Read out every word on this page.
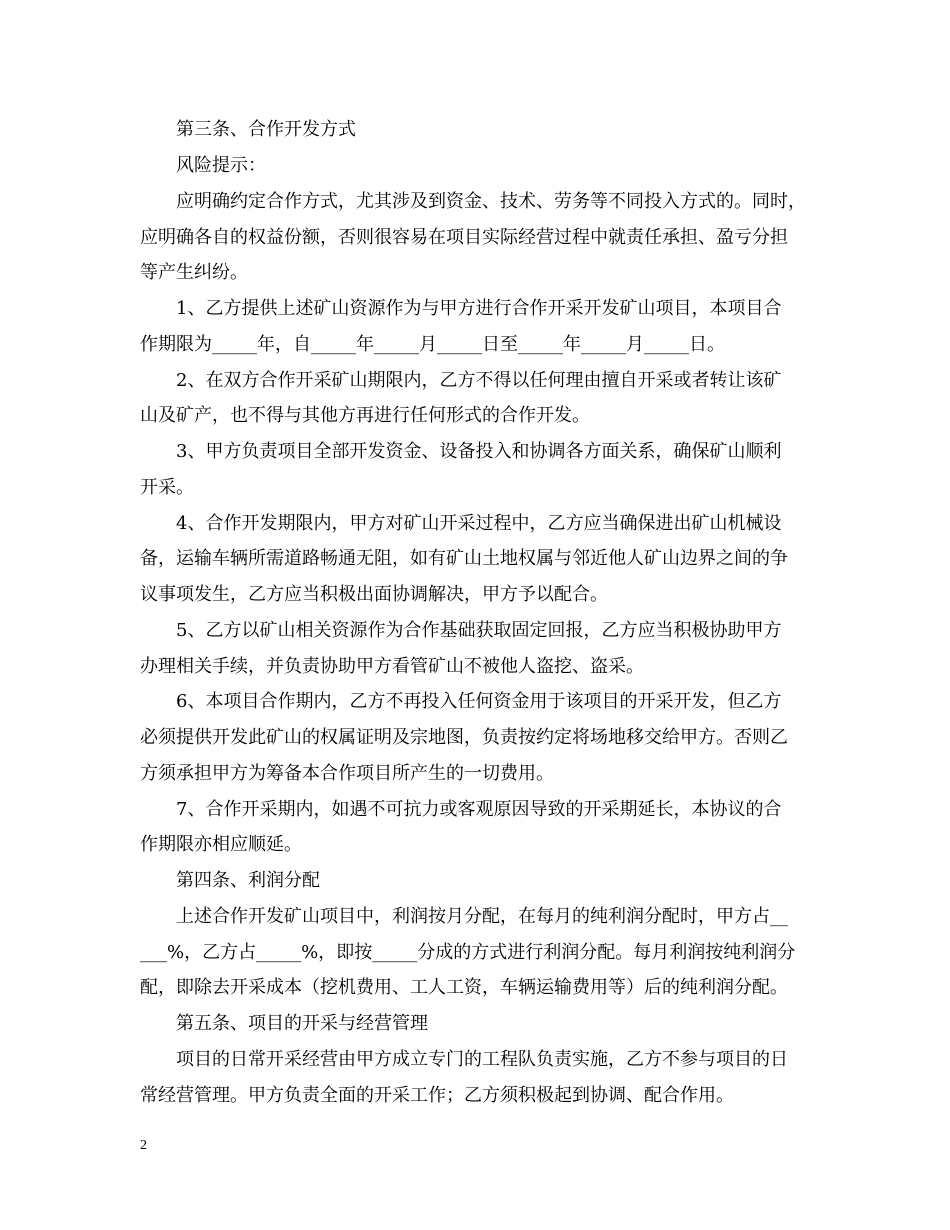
第三条、合作开发方式
风险提示：
应明确约定合作方式，尤其涉及到资金、技术、劳务等不同投入方式的。同时，
应明确各自的权益份额，否则很容易在项目实际经营过程中就责任承担、盈亏分担
等产生纠纷。
1、乙方提供上述矿山资源作为与甲方进行合作开采开发矿山项目，本项目合
作期限为_____年，自_____年_____月_____日至_____年_____月_____日。
2、在双方合作开采矿山期限内，乙方不得以任何理由擅自开采或者转让该矿
山及矿产，也不得与其他方再进行任何形式的合作开发。
3、甲方负责项目全部开发资金、设备投入和协调各方面关系，确保矿山顺利
开采。
4、合作开发期限内，甲方对矿山开采过程中，乙方应当确保进出矿山机械设
备，运输车辆所需道路畅通无阻，如有矿山土地权属与邻近他人矿山边界之间的争
议事项发生，乙方应当积极出面协调解决，甲方予以配合。
5、乙方以矿山相关资源作为合作基础获取固定回报，乙方应当积极协助甲方
办理相关手续，并负责协助甲方看管矿山不被他人盗挖、盗采。
6、本项目合作期内，乙方不再投入任何资金用于该项目的开采开发，但乙方
必须提供开发此矿山的权属证明及宗地图，负责按约定将场地移交给甲方。否则乙
方须承担甲方为筹备本合作项目所产生的一切费用。
7、合作开采期内，如遇不可抗力或客观原因导致的开采期延长，本协议的合
作期限亦相应顺延。
第四条、利润分配
上述合作开发矿山项目中，利润按月分配，在每月的纯利润分配时，甲方占__
___%，乙方占_____%，即按_____分成的方式进行利润分配。每月利润按纯利润分
配，即除去开采成本（挖机费用、工人工资，车辆运输费用等）后的纯利润分配。
第五条、项目的开采与经营管理
项目的日常开采经营由甲方成立专门的工程队负责实施，乙方不参与项目的日
常经营管理。甲方负责全面的开采工作；乙方须积极起到协调、配合作用。
2
